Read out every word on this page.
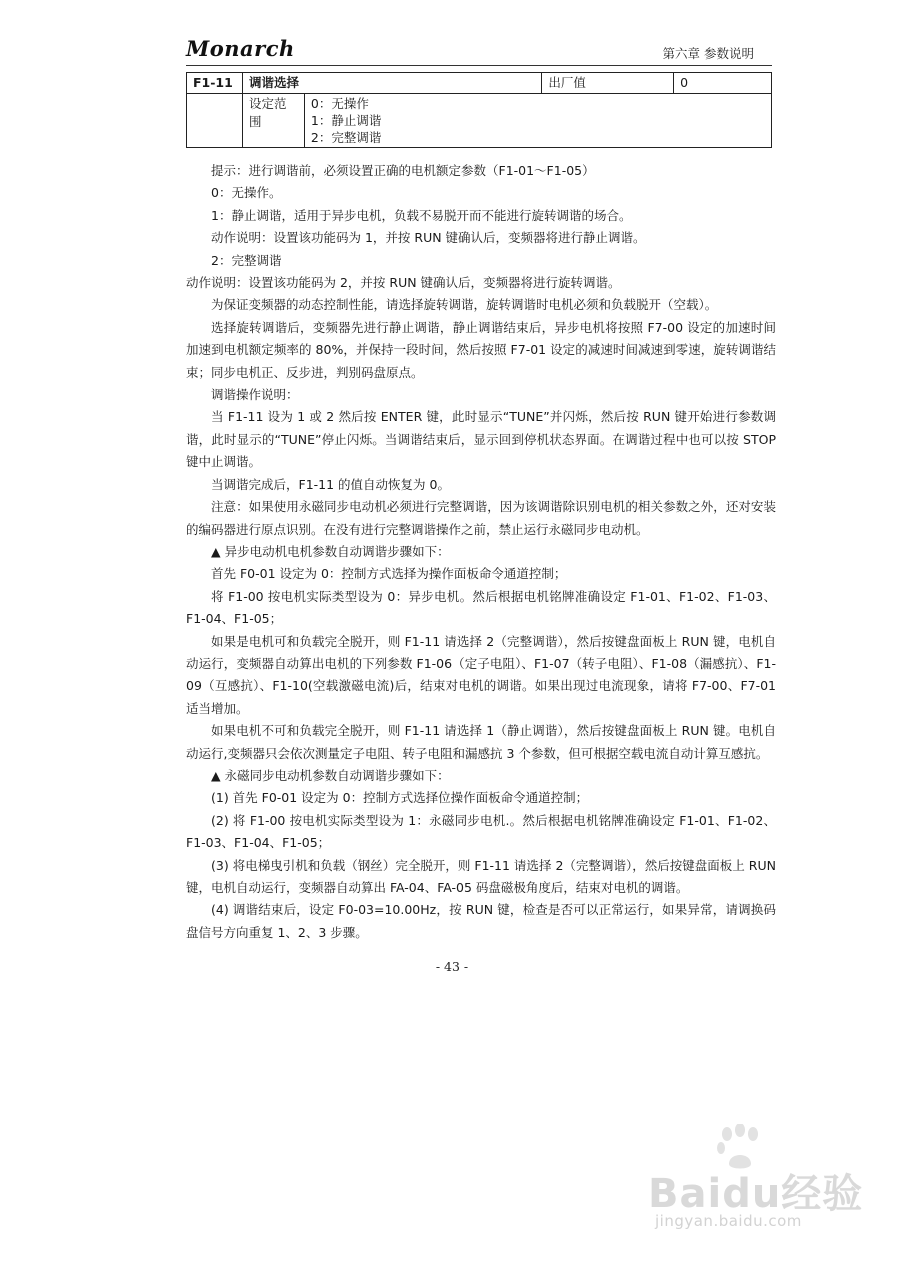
Monarch	第六章 参数说明
F1-11	调谐选择		出厂值	0
	设定范围	0：无操作
1：静止调谐
2：完整调谐		

提示：进行调谐前，必须设置正确的电机额定参数（F1-01～F1-05）

0：无操作。

1：静止调谐，适用于异步电机，负载不易脱开而不能进行旋转调谐的场合。

动作说明：设置该功能码为 1，并按 RUN 键确认后，变频器将进行静止调谐。

2：完整调谐

动作说明：设置该功能码为 2，并按 RUN 键确认后，变频器将进行旋转调谐。

为保证变频器的动态控制性能，请选择旋转调谐，旋转调谐时电机必须和负载脱开（空载）。

选择旋转调谐后，变频器先进行静止调谐，静止调谐结束后，异步电机将按照 F7-00 设定的加速时间加速到电机额定频率的 80%，并保持一段时间，然后按照 F7-01 设定的减速时间减速到零速，旋转调谐结束；同步电机正、反步进，判别码盘原点。

调谐操作说明：

当 F1-11 设为 1 或 2 然后按 ENTER 键，此时显示“TUNE”并闪烁，然后按 RUN 键开始进行参数调谐，此时显示的“TUNE”停止闪烁。当调谐结束后，显示回到停机状态界面。在调谐过程中也可以按 STOP 键中止调谐。

当调谐完成后，F1-11 的值自动恢复为 0。

注意：如果使用永磁同步电动机必须进行完整调谐，因为该调谐除识别电机的相关参数之外，还对安装的编码器进行原点识别。在没有进行完整调谐操作之前，禁止运行永磁同步电动机。

▲ 异步电动机电机参数自动调谐步骤如下：

首先 F0-01 设定为 0：控制方式选择为操作面板命令通道控制；

将 F1-00 按电机实际类型设为 0：异步电机。然后根据电机铭牌准确设定 F1-01、F1-02、F1-03、F1-04、F1-05；

如果是电机可和负载完全脱开，则 F1-11 请选择 2（完整调谐），然后按键盘面板上 RUN 键，电机自动运行，变频器自动算出电机的下列参数 F1-06（定子电阻）、F1-07（转子电阻）、F1-08（漏感抗）、F1-09（互感抗）、F1-10(空载激磁电流)后，结束对电机的调谐。如果出现过电流现象，请将 F7-00、F7-01 适当增加。

如果电机不可和负载完全脱开，则 F1-11 请选择 1（静止调谐），然后按键盘面板上 RUN 键。电机自动运行,变频器只会依次测量定子电阻、转子电阻和漏感抗 3 个参数，但可根据空载电流自动计算互感抗。

▲ 永磁同步电动机参数自动调谐步骤如下：

(1) 首先 F0-01 设定为 0：控制方式选择位操作面板命令通道控制；

(2) 将 F1-00 按电机实际类型设为 1：永磁同步电机.。然后根据电机铭牌准确设定 F1-01、F1-02、F1-03、F1-04、F1-05；

(3) 将电梯曳引机和负载（钢丝）完全脱开，则 F1-11 请选择 2（完整调谐），然后按键盘面板上 RUN 键，电机自动运行，变频器自动算出 FA-04、FA-05 码盘磁极角度后，结束对电机的调谐。

(4) 调谐结束后，设定 F0-03=10.00Hz，按 RUN 键，检查是否可以正常运行，如果异常，请调换码盘信号方向重复 1、2、3 步骤。

- 43 -
Baidu经验
jingyan.baidu.com
